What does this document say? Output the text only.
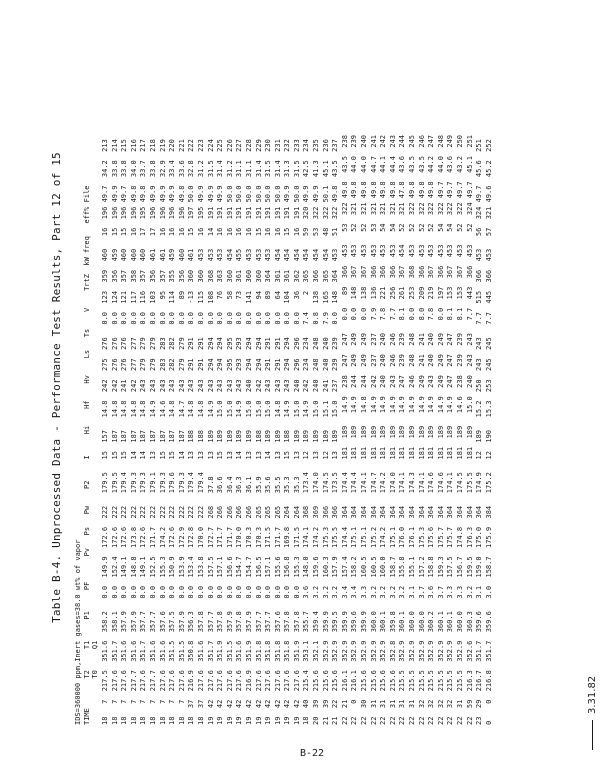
Table B-4. Unprocessed Data - Performance Test Results, Part 12 of 15
IDS=360000 ppm,Inert gases=38.0 wt% of vapor TIME       T2     T1     P1     PF      Pv   Ps   Pw    P2     I     Hi    Hf    Hv    Ls   Ts    V    TrtZ  kW freq   eff% File T0     Q1 18   7  217.5  351.6  358.2   0.0  149.9  172.6  222   179.5   15  157   14.8  242  275  276   0.0  123  359  460   16  196 49.7  34.2  213 18   7  217.6  351.7  358.1   0.0  152.4  172.6  222   179.5   15  187   14.8  242  276  276   0.0  124  356  459   15  196 49.9  33.8  214 18   7  217.6  351.6  357.9   0.0  149.1  172.6  222   179.4   15  187   14.8  241  276  276   0.0  121  357  460   15  196 49.7  33.8  215 18   7  217.7  351.6  357.9   0.0  148.8  173.8  222   179.3   14  187   14.8  242  277  277   0.0  117  358  460   16  196 49.8  34.0  216 18   7  217.6  351.7  357.7   0.0  149.1  172.6  222   179.3   14  187   14.8  243  279  279   0.0  116  357  460   17  195 49.8  33.7  217 18   7  217.7  351.6  357.7   0.0  152.5  171.7  222   179.1   13  187   14.9  243  279  279   0.0  103  356  461   17  196 49.9  33.8  218 18   7  217.6  351.6  357.6   0.0  155.3  174.2  222   179.3   15  187   14.6  243  283  283   0.0   95  357  461   16  196 49.9  32.9  219 18   7  217.6  351.5  357.5   0.0  150.9  172.6  222   179.6   15  187   14.8  243  282  282   0.0  114  355  459   16  196 49.9  33.4  220 18   7  217.6  351.5  357.9   0.0  153.9  172.9  222   179.3   14  187   14.7  243  279  279   0.0   89  356  460   16  196 49.8  33.6  221 18  37  216.9  350.8  356.3   0.0  153.4  172.8  222   179.4   13  188   14.8  243  291  291   0.0  -13  360  461   15  197 50.0  32.8  222 18  37  217.6  351.6  357.8   0.0  153.8  170.0  222   179.4   13  188   14.8  243  291  291   0.0  115  360  453   16  195 49.9  31.2  223 19  42  217.6  351.7  357.7   0.0  157.5  172.7  268   37.8    13  189   14.9  243  294  294   0.0  108  368  453   14  191 49.9  31.5  224 19  42  217.6  351.9  357.8   0.0  157.1  171.7  266   36.6    15  189   15.0  243  294  294   0.0   76  363  453   16  191 49.9  31.4  225 19  42  217.6  351.5  357.9   0.0  156.6  171.7  266   36.4    13  189   15.0  243  295  295   0.0   58  360  454   16  191 50.0  31.2  226 19  42  217.6  351.6  357.8   0.0  154.7  170.0  266   36.3    14  189   14.9  243  293  293   0.0   73  361  455   16  191 50.0  31.1  227 19  42  216.9  351.9  357.9   0.0  154.7  170.3  266   36.1    13  189   15.0  240  294  294   0.0  141  360  453   16  191 50.0  31.1  228 19  42  217.6  351.8  357.7   0.0  156.5  170.3  265   35.9    13  188   15.0  242  294  294   0.0   94  360  453   15  191 50.0  31.4  229 19  42  217.6  351.8  357.7   0.0  157.1  171.5  265   35.6    14  189   15.0  243  291  291   0.0   89  364  453   16  191 50.0  31.5  230 19  42  217.6  351.8  357.6   0.0  155.6  171.7  265   35.5    13  189   14.8  243  291  291   0.0   64  361  454   16  191 50.0  31.4  231 19  42  217.6  351.8  357.8   0.0  156.8  169.8  264   35.3    15  188   14.9  243  294  294   0.0  104  361  454   15  191 49.9  31.3  232 19  42  217.6  351.9  357.8   0.0  155.3  171.5  264   35.3    13  189   15.0  240  296  296   0.0   36  362  454   16  191 50.0  31.5  233 18  40  215.4  353.1  355.7   3.6  148.0  174.1  368   173.4   12  189   14.9  242  234  234   7.4    2  365  454   59  320 49.9  42.5  234 20  39  215.6  352.1  359.4   3.2  159.6  174.2  369   174.0   13  189   15.0  240  248  248   0.8  138  366  454   53  322 49.9  41.3  235 21  39  215.6  352.9  359.9   3.2  160.3  175.3  366   174.5   12  189   15.1  241  240  240   7.9  165  365  454   48  322 50.1  45.1  236 21  22  215.6  352.9  359.5   3.2  157.9  175.5  366   173.5   13  189   15.0  237  239  239   0.0  148  364  453   51  322 49.8  43.5  237 22  21  216.1  352.9  359.9   3.4  157.4  174.4  364   174.4   181  189   14.9  238  247  247   0.0   89  366  453   53  322 49.8  43.5  238 22   0  216.1  352.9  359.6   3.4  158.2  175.1  364   174.4   181  189   14.9  244  249  249   0.0  148  367  453   52  321 49.8  44.0  239 22  30  215.6  352.9  359.9   3.3  160.5  175.1  364   174.1   181  189   14.8  244  249  249   0.0  138  367  453   52  321 49.8  44.0  240 22  31  215.6  352.9  360.0   3.2  160.5  175.2  364   174.7   181  189   14.9  242  237  237   7.9  136  366  453   53  321 49.8  44.7  241 22  31  215.6  352.9  360.1   3.2  160.0  174.2  364   174.2   181  189   14.9  240  240  240   7.8  221  366  453   54  321 49.8  44.1  242 22  31  215.6  352.8  359.8   3.2  158.7  175.1  364   174.0   181  189   14.9  243  246  246   7.7  256  366  453   54  321 49.8  44.4  243 22  31  215.5  352.9  360.1   3.2  155.8  176.0  364   174.1   181  189   14.9  247  239  239   8.1  261  367  454   52  321 47.8  43.6  244 22  31  215.5  352.9  360.0   3.1  155.1  176.1  364   174.3   181  189   14.9  246  248  248   0.0  253  368  453   52  322 49.8  43.5  245 22  32  215.5  352.9  360.0   3.7  157.2  175.3  364   174.1   181  189   14.9  249  241  241   8.0  209  366  453   52  322 49.8  43.5  246 22  32  215.5  352.9  360.2   3.6  158.8  175.6  364   174.6   181  189   14.9  243  240  240   7.8  219  367  453   52  322 49.8  44.2  247 22  32  215.5  352.9  360.1   3.7  159.3  175.7  364   174.6   181  189   14.9  249  249  249   0.0  197  366  453   54  322 49.7  44.0  248 22  32  215.5  352.9  360.1   3.3  157.5  175.7  364   174.1   181  189   14.9  247  247  247   8.1  153  367  453   54  322 49.7  43.6  249 22  31  215.5  352.9  360.0   3.3  156.7  174.8  364   174.5   181  189   14.6  238  239  239   8.1  153  367  453   52  322 49.7  43.2  250 22  59  216.3  352.6  360.3   3.2  159.5  176.3  364   175.5   181  189   15.0  240  243  243   7.7  443  366  453   52  324 49.7  45.1  251 23  29  216.7  351.7  359.6   3.1  159.0  175.0  364   174.9   12  189   15.2  250  243  243   7.7  515  366  453   56  324 49.7  45.6  251 0    0  216.8  351.7  359.6   3.0  158.7  175.9  384   175.2   12  190   15.3  253  245  245   7.7  445  366  453   57  321 49.6  45.2  252
B-22
3.31.82
